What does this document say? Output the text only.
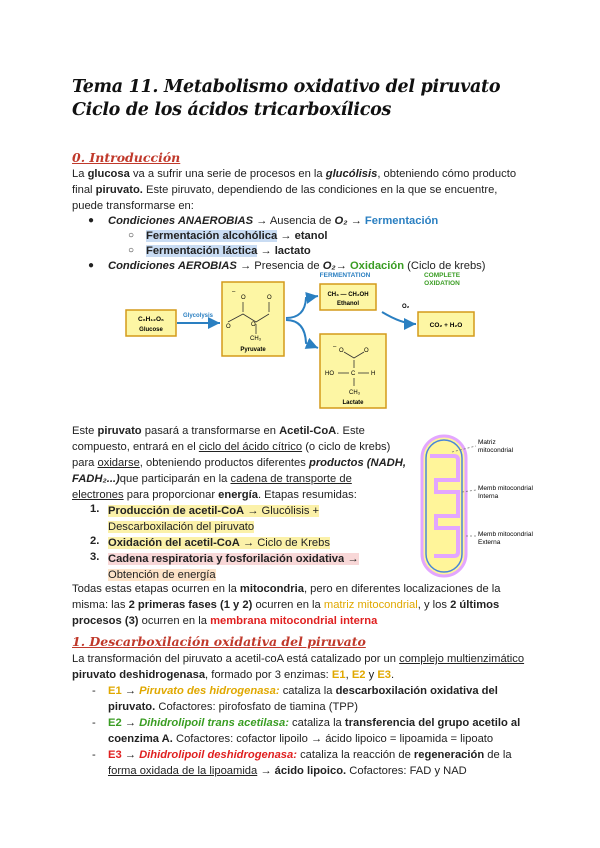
Tema 11. Metabolismo oxidativo del piruvato Ciclo de los ácidos tricarboxílicos
0. Introducción

La glucosa va a sufrir una serie de procesos en la glucólisis, obteniendo cómo producto

final piruvato. Este piruvato, dependiendo de las condiciones en la que se encuentre,

puede transformarse en:

● Condiciones ANAEROBIAS → Ausencia de O₂ → Fermentación

○ Fermentación alcohólica → etanol

○ Fermentación láctica → lactato

● Condiciones AEROBIAS → Presencia de O₂→ Oxidación (Ciclo de krebs)

C₆H₁₂O₆
Glucose
Glycolysis
–
O	O
O	O
CH₃
Pyruvate
FERMENTATION
CH₃ — CH₂OH
Ethanol
COMPLETE
OXIDATION
O₂
CO₂ + H₂O
–
O	O
HO	C	H
CH₃
Lactate

Este piruvato pasará a transformarse en Acetil-CoA. Este

compuesto, entrará en el ciclo del ácido cítrico (o ciclo de krebs)

para oxidarse, obteniendo productos diferentes productos (NADH,

FADH₂...)que participarán en la cadena de transporte de

electrones para proporcionar energía. Etapas resumidas:

1. Producción de acetil-CoA → Glucólisis +

Descarboxilación del piruvato

2. Oxidación del acetil-CoA → Ciclo de Krebs

3. Cadena respiratoria y fosforilación oxidativa →

Obtención de energía

Matriz
mitocondrial
Memb mitocondrial
Interna
Memb mitocondrial
Externa

Todas estas etapas ocurren en la mitocondria, pero en diferentes localizaciones de la

misma: las 2 primeras fases (1 y 2) ocurren en la matriz mitocondrial, y los 2 últimos

procesos (3) ocurren en la membrana mitocondrial interna

1. Descarboxilación oxidativa del piruvato

La transformación del piruvato a acetil-coA está catalizado por un complejo multienzimático

piruvato deshidrogenasa, formado por 3 enzimas: E1, E2 y E3.

- E1 → Piruvato des hidrogenasa: cataliza la descarboxilación oxidativa del

piruvato. Cofactores: pirofosfato de tiamina (TPP)

- E2 → Dihidrolipoil trans acetilasa: cataliza la transferencia del grupo acetilo al

coenzima A. Cofactores: cofactor lipoilo → ácido lipoico = lipoamida = lipoato

- E3 → Dihidrolipoil deshidrogenasa: cataliza la reacción de regeneración de la

forma oxidada de la lipoamida → ácido lipoico. Cofactores: FAD y NAD
